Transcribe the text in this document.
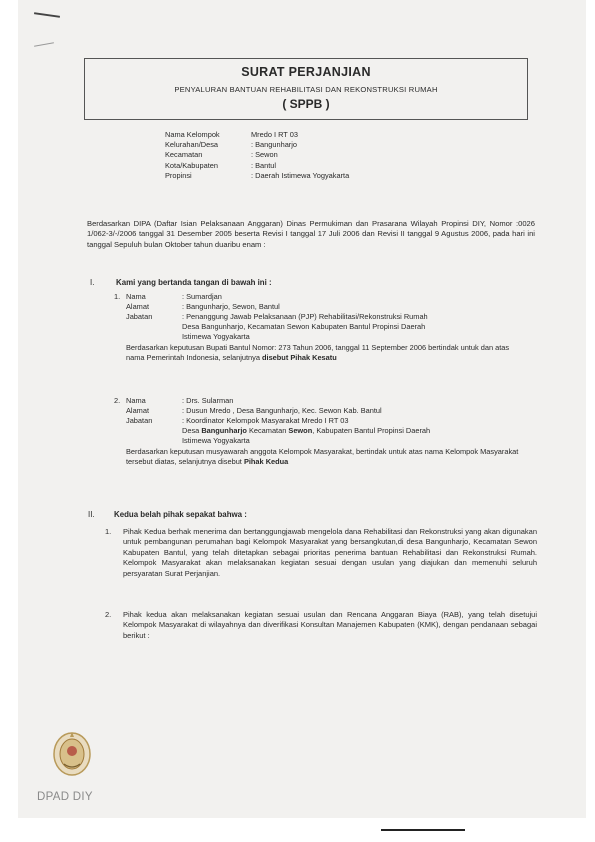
SURAT PERJANJIAN
PENYALURAN BANTUAN REHABILITASI DAN REKONSTRUKSI RUMAH
( SPPB )
Nama Kelompok	Mredo I RT 03
Kelurahan/Desa	: Bangunharjo
Kecamatan	: Sewon
Kota/Kabupaten	: Bantul
Propinsi	: Daerah Istimewa Yogyakarta
Berdasarkan DIPA (Daftar Isian Pelaksanaan Anggaran) Dinas Permukiman dan Prasarana Wilayah Propinsi DIY, Nomor :0026 1/062-3/-/2006 tanggal 31 Desember 2005 beserta Revisi I tanggal 17 Juli 2006 dan Revisi II tanggal 9 Agustus 2006, pada hari ini tanggal Sepuluh bulan Oktober tahun duaribu enam :
I.	Kami yang bertanda tangan di bawah ini :
1. Nama	: Sumardjan
Alamat	: Bangunharjo, Sewon, Bantul
Jabatan	: Penanggung Jawab Pelaksanaan (PJP) Rehabilitasi/Rekonstruksi Rumah
Desa Bangunharjo, Kecamatan Sewon Kabupaten Bantul Propinsi Daerah
Istimewa Yogyakarta
Berdasarkan keputusan Bupati Bantul Nomor: 273 Tahun 2006, tanggal 11 September 2006 bertindak untuk dan atas nama Pemerintah Indonesia, selanjutnya disebut Pihak Kesatu
2. Nama	: Drs. Sularman
Alamat	: Dusun Mredo , Desa Bangunharjo, Kec. Sewon Kab. Bantul
Jabatan	: Koordinator Kelompok Masyarakat Mredo I RT 03
Desa Bangunharjo Kecamatan Sewon, Kabupaten Bantul Propinsi Daerah
Istimewa Yogyakarta
Berdasarkan keputusan musyawarah anggota Kelompok Masyarakat, bertindak untuk atas nama Kelompok Masyarakat tersebut diatas, selanjutnya disebut Pihak Kedua
II. Kedua belah pihak sepakat bahwa :
1.	Pihak Kedua berhak menerima dan bertanggungjawab mengelola dana Rehabilitasi dan Rekonstruksi yang akan digunakan untuk pembangunan perumahan bagi Kelompok Masyarakat yang bersangkutan,di desa Bangunharjo, Kecamatan Sewon Kabupaten Bantul, yang telah ditetapkan sebagai prioritas penerima bantuan Rehabilitasi dan Rekonstruksi Rumah. Kelompok Masyarakat akan melaksanakan kegiatan sesuai dengan usulan yang diajukan dan memenuhi seluruh persyaratan Surat Perjanjian.
2.	Pihak kedua akan melaksanakan kegiatan sesuai usulan dan Rencana Anggaran Biaya (RAB), yang telah disetujui Kelompok Masyarakat di wilayahnya dan diverifikasi Konsultan Manajemen Kabupaten (KMK), dengan pendanaan sebagai berikut :
DPAD DIY
